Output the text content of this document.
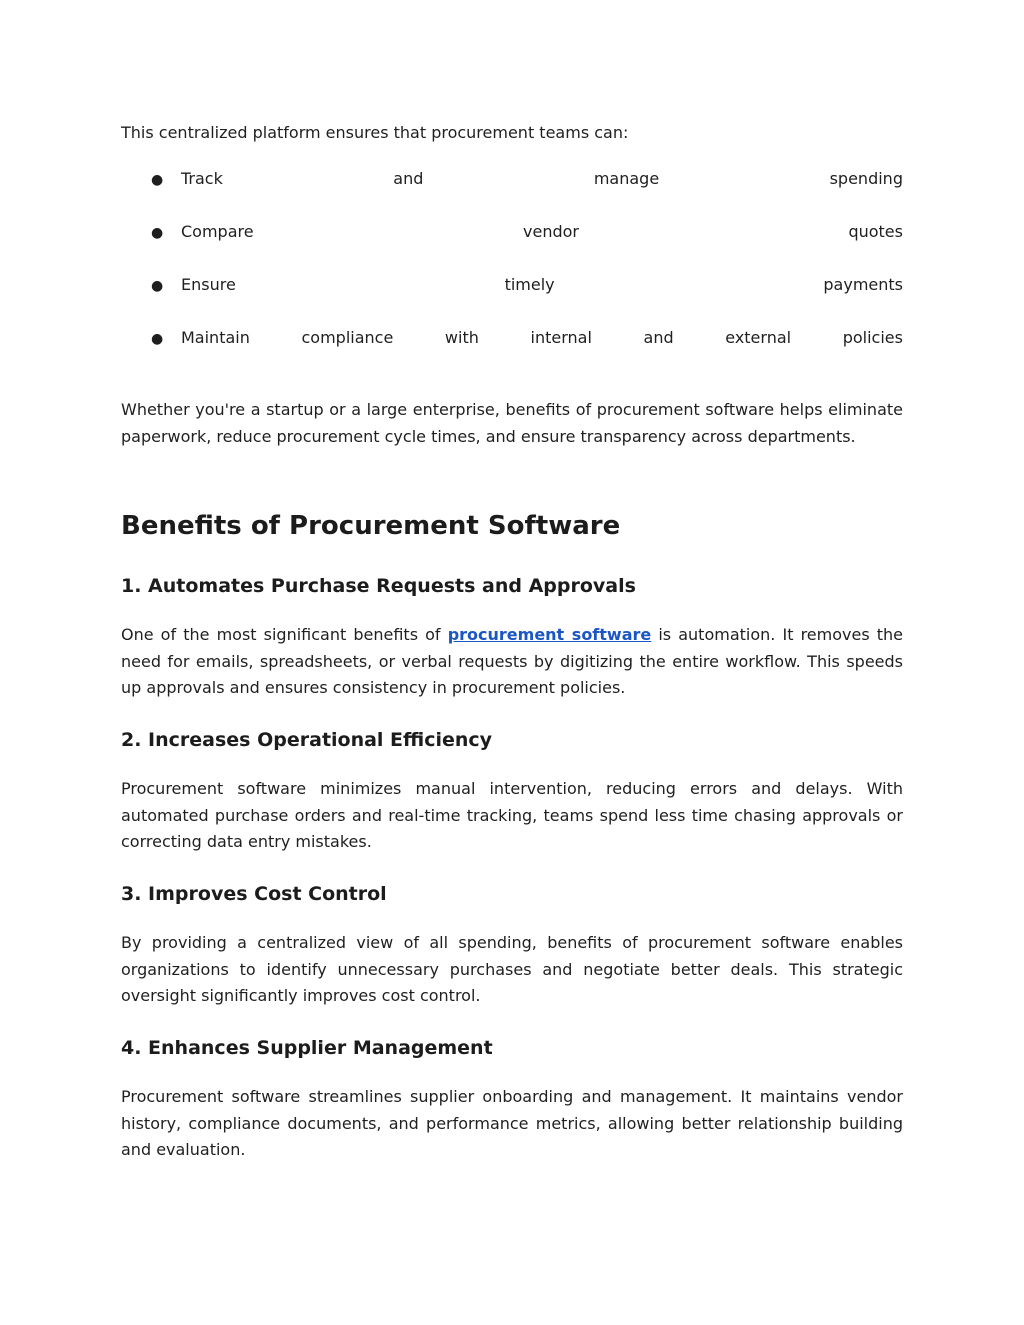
This centralized platform ensures that procurement teams can:

● Track	and	manage	spending
● Compare	vendor	quotes
● Ensure	timely	payments
● Maintain	compliance	with	internal	and	external	policies

Whether you're a startup or a large enterprise, benefits of procurement software helps eliminate paperwork, reduce procurement cycle times, and ensure transparency across departments.

Benefits of Procurement Software
1. Automates Purchase Requests and Approvals

One of the most significant benefits of procurement software is automation. It removes the need for emails, spreadsheets, or verbal requests by digitizing the entire workflow. This speeds up approvals and ensures consistency in procurement policies.

2. Increases Operational Efficiency

Procurement software minimizes manual intervention, reducing errors and delays. With automated purchase orders and real-time tracking, teams spend less time chasing approvals or correcting data entry mistakes.

3. Improves Cost Control

By providing a centralized view of all spending, benefits of procurement software enables organizations to identify unnecessary purchases and negotiate better deals. This strategic oversight significantly improves cost control.

4. Enhances Supplier Management

Procurement software streamlines supplier onboarding and management. It maintains vendor history, compliance documents, and performance metrics, allowing better relationship building and evaluation.
